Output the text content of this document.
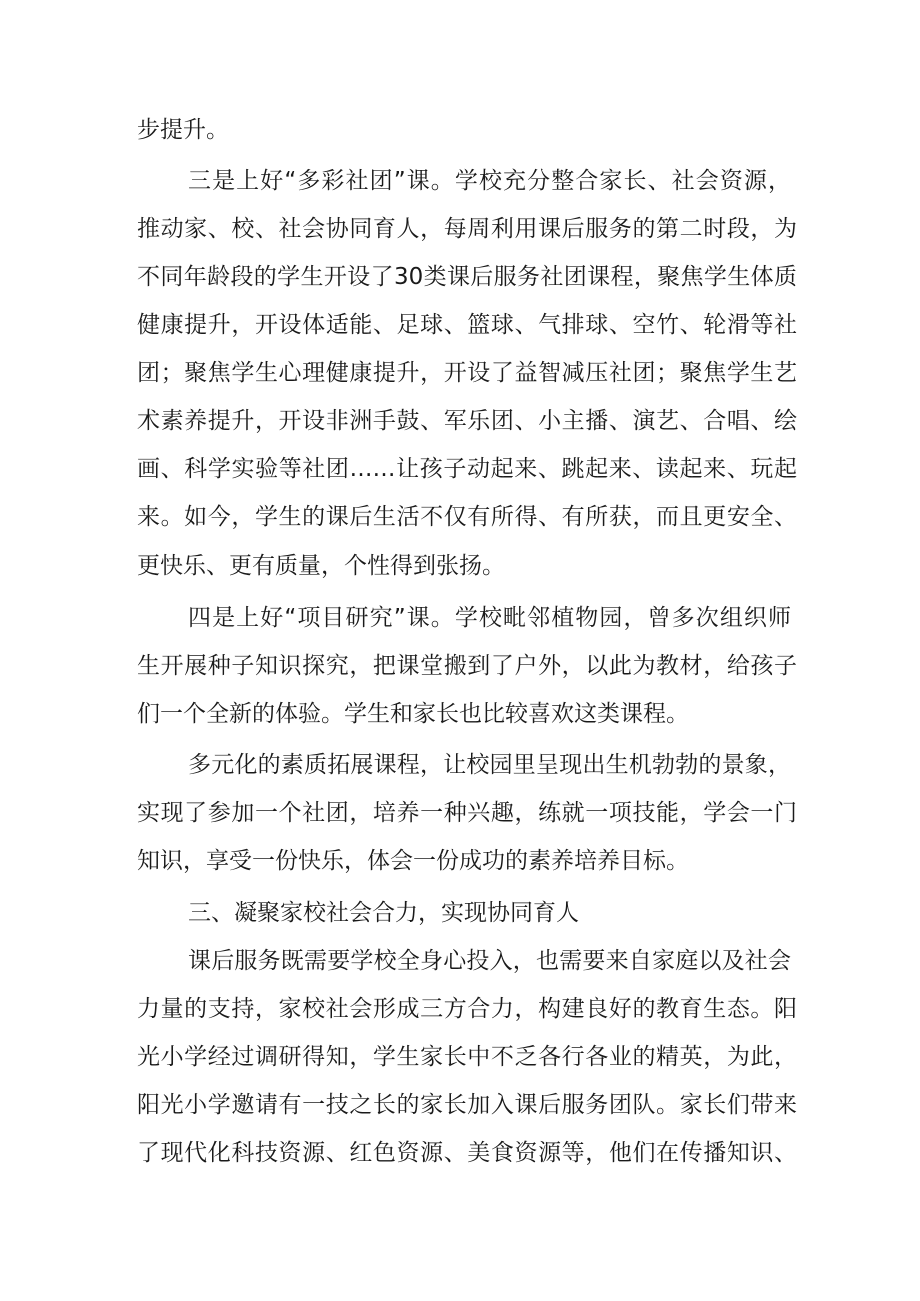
步提升。
三是上好“多彩社团”课。学校充分整合家长、社会资源，
推动家、校、社会协同育人，每周利用课后服务的第二时段，为
不同年龄段的学生开设了30类课后服务社团课程，聚焦学生体质
健康提升，开设体适能、足球、篮球、气排球、空竹、轮滑等社
团；聚焦学生心理健康提升，开设了益智减压社团；聚焦学生艺
术素养提升，开设非洲手鼓、军乐团、小主播、演艺、合唱、绘
画、科学实验等社团……让孩子动起来、跳起来、读起来、玩起
来。如今，学生的课后生活不仅有所得、有所获，而且更安全、
更快乐、更有质量，个性得到张扬。
四是上好“项目研究”课。学校毗邻植物园，曾多次组织师
生开展种子知识探究，把课堂搬到了户外，以此为教材，给孩子
们一个全新的体验。学生和家长也比较喜欢这类课程。
多元化的素质拓展课程，让校园里呈现出生机勃勃的景象，
实现了参加一个社团，培养一种兴趣，练就一项技能，学会一门
知识，享受一份快乐，体会一份成功的素养培养目标。
三、凝聚家校社会合力，实现协同育人
课后服务既需要学校全身心投入，也需要来自家庭以及社会
力量的支持，家校社会形成三方合力，构建良好的教育生态。阳
光小学经过调研得知，学生家长中不乏各行各业的精英，为此，
阳光小学邀请有一技之长的家长加入课后服务团队。家长们带来
了现代化科技资源、红色资源、美食资源等，他们在传播知识、
